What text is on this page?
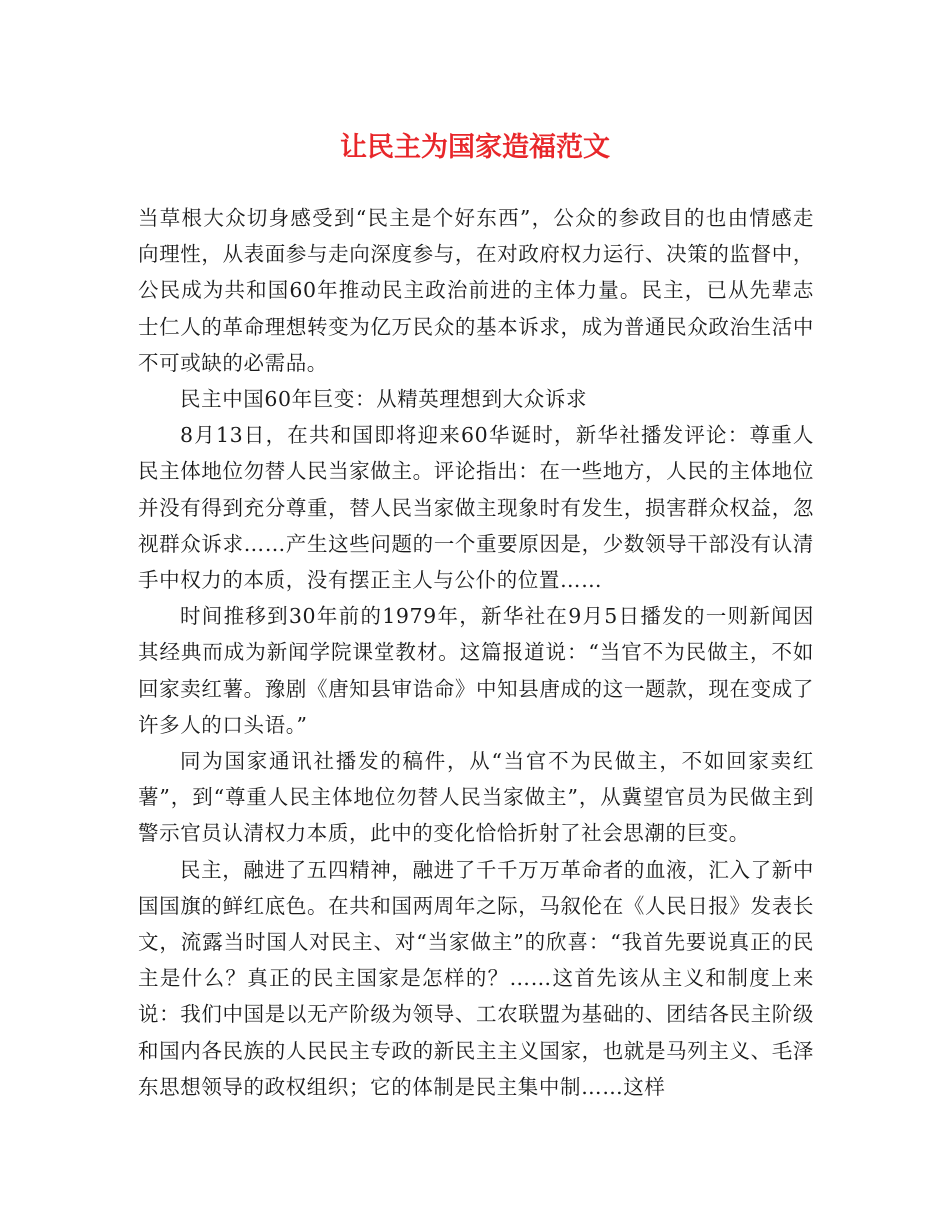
让民主为国家造福范文

当草根大众切身感受到“民主是个好东西”，公众的参政目的也由情感走向理性，从表面参与走向深度参与，在对政府权力运行、决策的监督中，公民成为共和国60年推动民主政治前进的主体力量。民主，已从先辈志士仁人的革命理想转变为亿万民众的基本诉求，成为普通民众政治生活中不可或缺的必需品。

民主中国60年巨变：从精英理想到大众诉求

8月13日，在共和国即将迎来60华诞时，新华社播发评论：尊重人民主体地位勿替人民当家做主。评论指出：在一些地方，人民的主体地位并没有得到充分尊重，替人民当家做主现象时有发生，损害群众权益，忽视群众诉求……产生这些问题的一个重要原因是，少数领导干部没有认清手中权力的本质，没有摆正主人与公仆的位置……

时间推移到30年前的1979年，新华社在9月5日播发的一则新闻因其经典而成为新闻学院课堂教材。这篇报道说：“当官不为民做主，不如回家卖红薯。豫剧《唐知县审诰命》中知县唐成的这一题款，现在变成了许多人的口头语。”

同为国家通讯社播发的稿件，从“当官不为民做主，不如回家卖红薯”，到“尊重人民主体地位勿替人民当家做主”，从冀望官员为民做主到警示官员认清权力本质，此中的变化恰恰折射了社会思潮的巨变。

民主，融进了五四精神，融进了千千万万革命者的血液，汇入了新中国国旗的鲜红底色。在共和国两周年之际，马叙伦在《人民日报》发表长文，流露当时国人对民主、对“当家做主”的欣喜：“我首先要说真正的民主是什么？真正的民主国家是怎样的？……这首先该从主义和制度上来说：我们中国是以无产阶级为领导、工农联盟为基础的、团结各民主阶级和国内各民族的人民民主专政的新民主主义国家，也就是马列主义、毛泽东思想领导的政权组织；它的体制是民主集中制……这样
